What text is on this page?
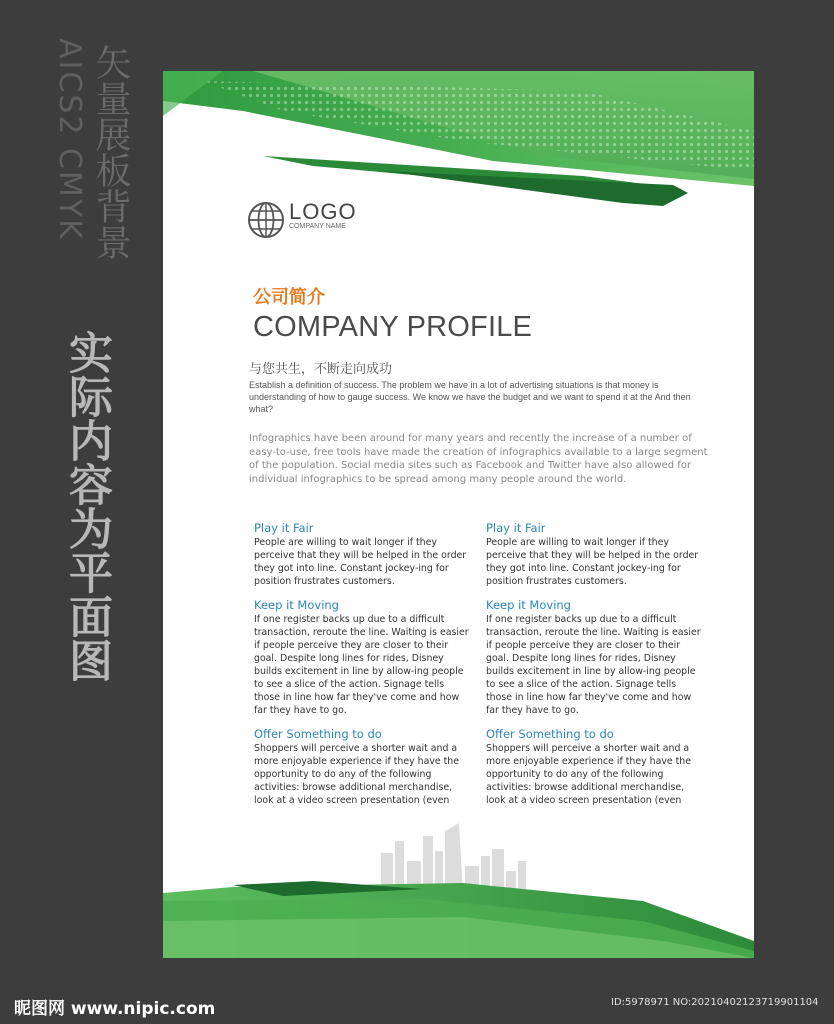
AICS2 CMYK 矢量展板背景
实际内容为平面图
LOGO
COMPANY NAME
公司简介
COMPANY PROFILE
与您共生，不断走向成功
Establish a definition of success. The problem we have in a lot of advertising situations is that money is understanding of how to gauge success. We know we have the budget and we want to spend it at the And then what?
Infographics have been around for many years and recently the increase of a number of easy-to-use, free tools have made the creation of infographics available to a large segment of the population. Social media sites such as Facebook and Twitter have also allowed for individual infographics to be spread among many people around the world.
Play it Fair
People are willing to wait longer if they perceive that they will be helped in the order they got into line. Constant jockey-ing for position frustrates customers.
Keep it Moving
If one register backs up due to a difficult transaction, reroute the line. Waiting is easier if people perceive they are closer to their goal. Despite long lines for rides, Disney builds excitement in line by allow-ing people to see a slice of the action. Signage tells those in line how far they've come and how far they have to go.
Offer Something to do
Shoppers will perceive a shorter wait and a more enjoyable experience if they have the opportunity to do any of the following activities: browse additional merchandise, look at a video screen presentation (even
Play it Fair
People are willing to wait longer if they perceive that they will be helped in the order they got into line. Constant jockey-ing for position frustrates customers.
Keep it Moving
If one register backs up due to a difficult transaction, reroute the line. Waiting is easier if people perceive they are closer to their goal. Despite long lines for rides, Disney builds excitement in line by allow-ing people to see a slice of the action. Signage tells those in line how far they've come and how far they have to go.
Offer Something to do
Shoppers will perceive a shorter wait and a more enjoyable experience if they have the opportunity to do any of the following activities: browse additional merchandise, look at a video screen presentation (even
昵图网 www.nipic.com	ID:5978971 NO:20210402123719901104
